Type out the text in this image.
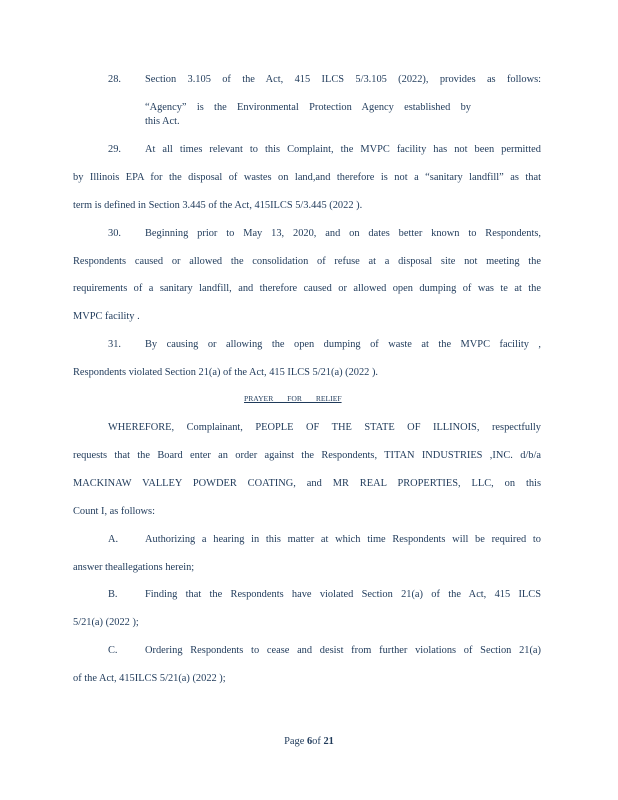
28. Section 3.105 of the Act, 415 ILCS 5/3.105 (2022), provides as follows:
“Agency” is the Environmental Protection Agency established by
this Act.
29. At all times relevant to this Complaint, the MVPC facility has not been permitted
by Illinois EPA for the disposal of wastes on land,and therefore is not a “sanitary landfill” as that
term is defined in Section 3.445 of the Act, 415ILCS 5/3.445 (2022 ).
30. Beginning prior to May 13, 2020, and on dates better known to Respondents,
Respondents caused or allowed the consolidation of refuse at a disposal site not meeting the
requirements of a sanitary landfill, and therefore caused or allowed open dumping of was te at the
MVPC facility .
31. By causing or allowing the open dumping of waste at the MVPC facility ,
Respondents violated Section 21(a) of the Act, 415 ILCS 5/21(a) (2022 ).
PRAYER FOR RELIEF
WHEREFORE, Complainant, PEOPLE OF THE STATE OF ILLINOIS, respectfully
requests that the Board enter an order against the Respondents, TITAN INDUSTRIES ,INC. d/b/a
MACKINAW VALLEY POWDER COATING, and MR REAL PROPERTIES, LLC, on this
Count I, as follows:
A.	Authorizing a hearing in this matter at which time Respondents will be required to
answer theallegations herein;
B.	Finding that the Respondents have violated Section 21(a) of the Act, 415 ILCS
5/21(a) (2022 );
C.	Ordering Respondents to cease and desist from further violations of Section 21(a)
of the Act, 415ILCS 5/21(a) (2022 );
Page 6of 21
